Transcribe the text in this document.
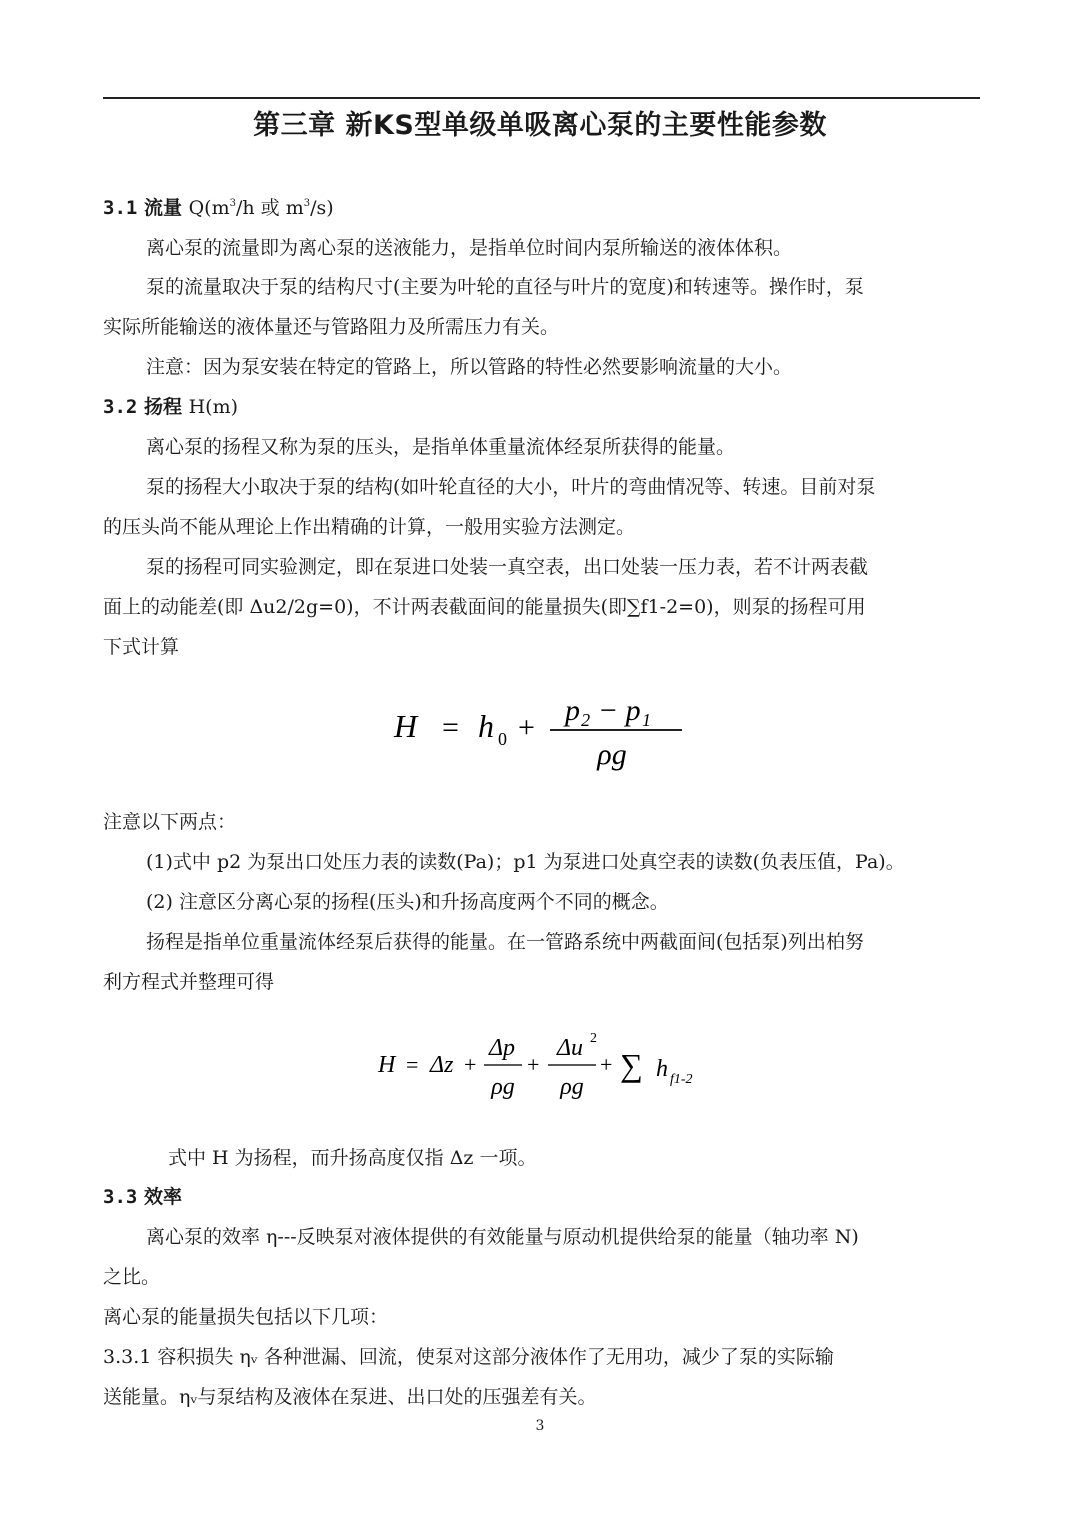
第三章 新KS型单级单吸离心泵的主要性能参数
3.1 流量 $Q(m^3/h$ 或 $m^3/s$)
离心泵的流量即为离心泵的送液能力，是指单位时间内泵所输送的液体体积。
泵的流量取决于泵的结构尺寸(主要为叶轮的直径与叶片的宽度)和转速等。操作时，泵
实际所能输送的液体量还与管路阻力及所需压力有关。
注意：因为泵安装在特定的管路上，所以管路的特性必然要影响流量的大小。
3.2 扬程 H(m)
离心泵的扬程又称为泵的压头，是指单体重量流体经泵所获得的能量。
泵的扬程大小取决于泵的结构(如叶轮直径的大小，叶片的弯曲情况等、转速。目前对泵
的压头尚不能从理论上作出精确的计算，一般用实验方法测定。
泵的扬程可同实验测定，即在泵进口处装一真空表，出口处装一压力表，若不计两表截
面上的动能差(即 Δu2/2g=0)，不计两表截面间的能量损失(即∑f1-2=0)，则泵的扬程可用
下式计算
H = h 0 +
p₂ − p₁
ρg
注意以下两点：
(1)式中 p2 为泵出口处压力表的读数(Pa)；p1 为泵进口处真空表的读数(负表压值，Pa)。
(2) 注意区分离心泵的扬程(压头)和升扬高度两个不同的概念。
扬程是指单位重量流体经泵后获得的能量。在一管路系统中两截面间(包括泵)列出柏努
利方程式并整理可得
H = Δz +
Δp
ρg
+
Δu 2
ρg
+ ∑ h f1-2
式中 H 为扬程，而升扬高度仅指 Δz 一项。
3.3 效率
离心泵的效率 η---反映泵对液体提供的有效能量与原动机提供给泵的能量（轴功率 N)
之比。
离心泵的能量损失包括以下几项：
3.3.1 容积损失 ηᵥ 各种泄漏、回流，使泵对这部分液体作了无用功，减少了泵的实际输
送能量。ηᵥ与泵结构及液体在泵进、出口处的压强差有关。
3
